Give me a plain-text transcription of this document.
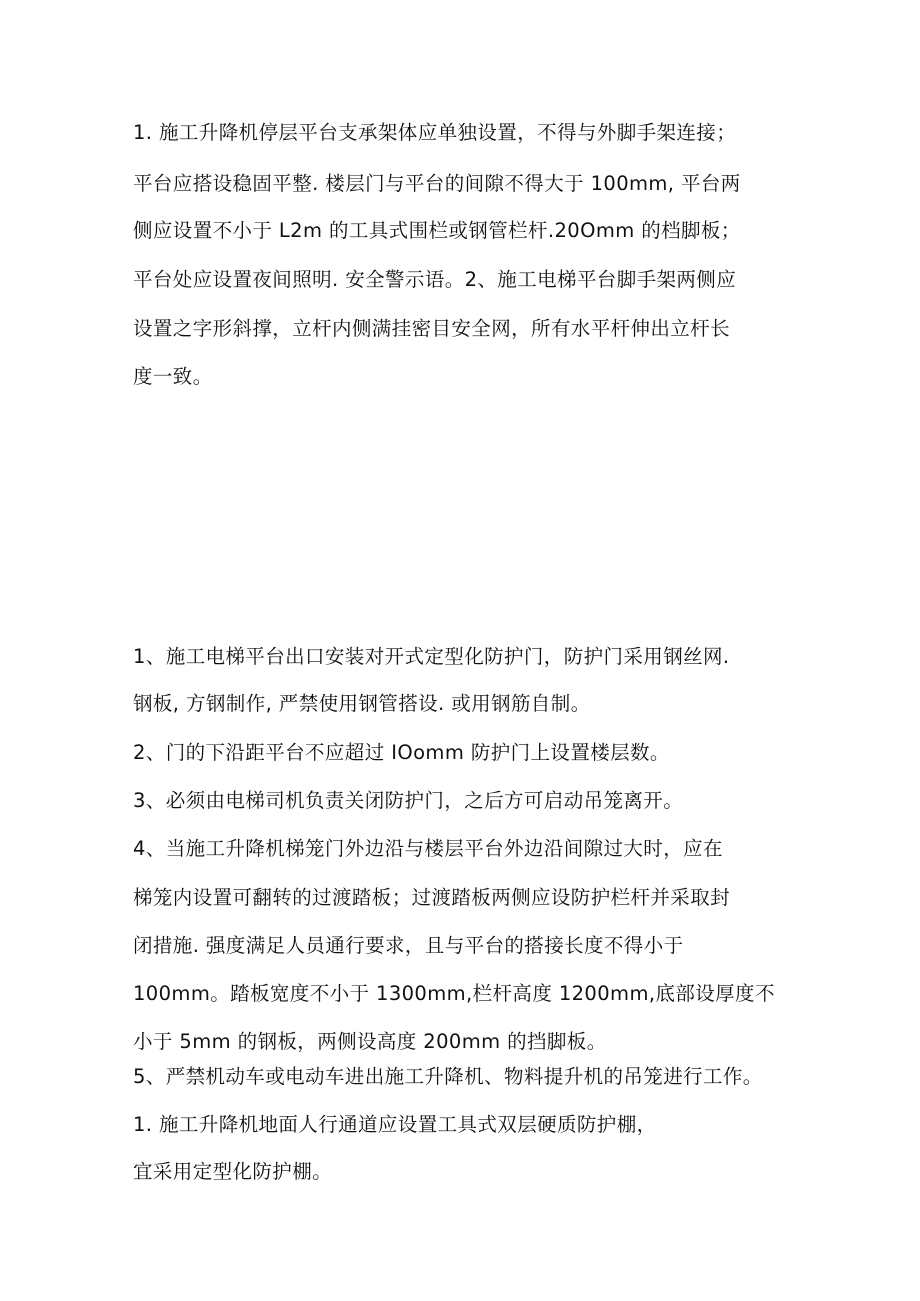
1. 施工升降机停层平台支承架体应单独设置，不得与外脚手架连接；

平台应搭设稳固平整. 楼层门与平台的间隙不得大于 100mm, 平台两

侧应设置不小于 L2m 的工具式围栏或钢管栏杆.20Omm 的档脚板；

平台处应设置夜间照明. 安全警示语。2、施工电梯平台脚手架两侧应

设置之字形斜撑，立杆内侧满挂密目安全网，所有水平杆伸出立杆长

度一致。

1、施工电梯平台出口安装对开式定型化防护门，防护门采用钢丝网.

钢板, 方钢制作, 严禁使用钢管搭设. 或用钢筋自制。

2、门的下沿距平台不应超过 IOomm 防护门上设置楼层数。

3、必须由电梯司机负责关闭防护门，之后方可启动吊笼离开。

4、当施工升降机梯笼门外边沿与楼层平台外边沿间隙过大时，应在

梯笼内设置可翻转的过渡踏板；过渡踏板两侧应设防护栏杆并采取封

闭措施. 强度满足人员通行要求，且与平台的搭接长度不得小于

100mm。踏板宽度不小于 1300mm,栏杆高度 1200mm,底部设厚度不

小于 5mm 的钢板，两侧设高度 200mm 的挡脚板。

5、严禁机动车或电动车进出施工升降机、物料提升机的吊笼进行工作。

1. 施工升降机地面人行通道应设置工具式双层硬质防护棚，

宜采用定型化防护棚。
